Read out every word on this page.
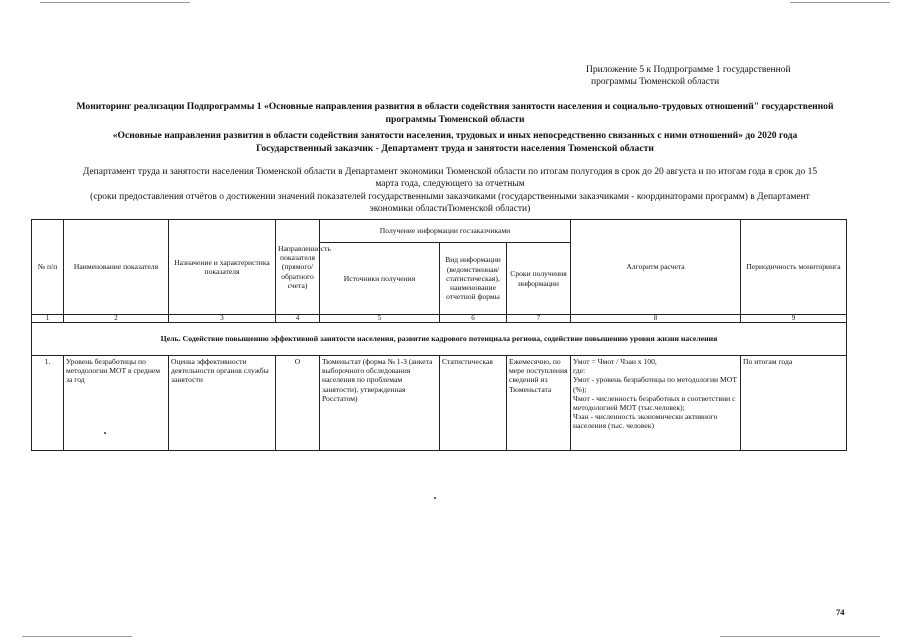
Приложение 5 к Подпрограмме 1 государственной
программы Тюменской области
Мониторинг реализации Подпрограммы 1 «Основные направления развития в области содействия занятости населения и социально-трудовых отношений" государственной
программы Тюменской области
«Основные направления развития в области содействия занятости населения, трудовых и иных непосредственно связанных с ними отношений» до 2020 года
Государственный заказчик - Департамент труда и занятости населения Тюменской области
Департамент труда и занятости населения Тюменской области в Департамент экономики Тюменской области по итогам полугодия в срок до 20 августа и по итогам года в срок до 15
марта года, следующего за отчетным
(сроки предоставления отчётов о достижении значений показателей государственными заказчиками (государственными заказчиками - координаторами программ) в Департамент
экономики областиТюменской области)
№ п/п	Наименование показателя	Назначение и характеристика показателя	Направленность показателя (прямого/обратного счета)	Получение информации госзаказчиками			Алгоритм расчета	Периодичность мониторинга
				Источники получения	Вид информации (ведомственная/ статистическая), наименование отчетной формы	Сроки получения информации		
1	2	3	4	5	6	7	8	9
Цель. Содействие повышению эффективной занятости населения, развитие кадрового потенциала региона, содействие повышению уровня жизни населения								
1.	Уровень безработицы по методологии МОТ в среднем за год	Оценка эффективности деятельности органов службы занятости	О	Тюменьстат (форма № 1-З (анкета выборочного обследования населения по проблемам занятости), утвержденная Росстатом)	Статистическая	Ежемесячно, по мере поступления сведений из Тюменьстата	Умот = Чмот / Чэан х 100,
где:
Умот - уровень безработицы по методологии МОТ (%);
Чмот - численность безработных в соответствии с методологией МОТ (тыс.человек);
Чэан - численность экономически активного населения (тыс. человек)	По итогам года
74
